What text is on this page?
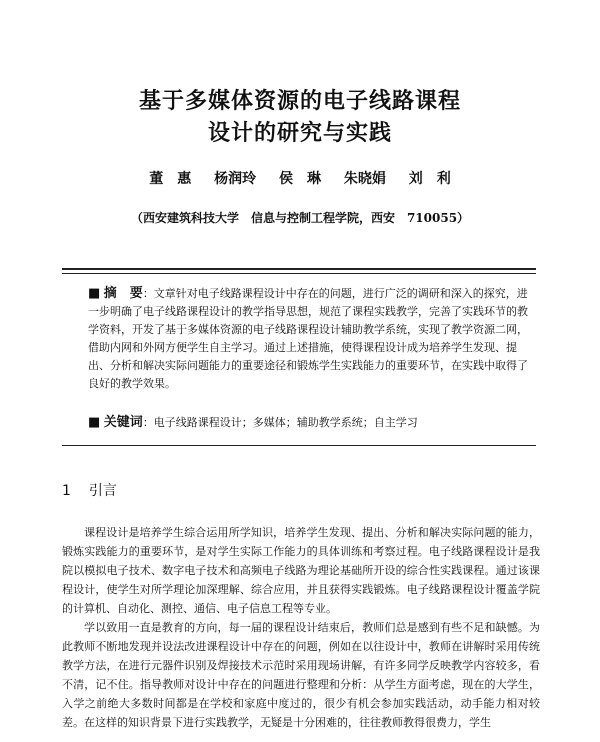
基于多媒体资源的电子线路课程
设计的研究与实践
董　惠 杨润玲 侯　琳 朱晓娟 刘　利
（西安建筑科技大学　信息与控制工程学院，西安　710055）
■ 摘　要：文章针对电子线路课程设计中存在的问题，进行广泛的调研和深入的探究，进一步明确了电子线路课程设计的教学指导思想，规范了课程实践教学，完善了实践环节的教学资料，开发了基于多媒体资源的电子线路课程设计辅助教学系统，实现了教学资源二网，借助内网和外网方便学生自主学习。通过上述措施，使得课程设计成为培养学生发现、提出、分析和解决实际问题能力的重要途径和锻炼学生实践能力的重要环节，在实践中取得了良好的教学效果。
■ 关键词：电子线路课程设计；多媒体；辅助教学系统；自主学习
1 引言

课程设计是培养学生综合运用所学知识，培养学生发现、提出、分析和解决实际问题的能力，锻炼实践能力的重要环节，是对学生实际工作能力的具体训练和考察过程。电子线路课程设计是我院以模拟电子技术、数字电子技术和高频电子线路为理论基础所开设的综合性实践课程。通过该课程设计，使学生对所学理论加深理解、综合应用，并且获得实践锻炼。电子线路课程设计覆盖学院的计算机、自动化、测控、通信、电子信息工程等专业。

学以致用一直是教育的方向，每一届的课程设计结束后，教师们总是感到有些不足和缺憾。为此教师不断地发现并设法改进课程设计中存在的问题，例如在以往设计中，教师在讲解时采用传统教学方法，在进行元器件识别及焊接技术示范时采用现场讲解，有许多同学反映教学内容较多，看不清，记不住。指导教师对设计中存在的问题进行整理和分析：从学生方面考虑，现在的大学生，入学之前绝大多数时间都是在学校和家庭中度过的，很少有机会参加实践活动，动手能力相对较差。在这样的知识背景下进行实践教学，无疑是十分困难的，往往教师教得很费力，学生
